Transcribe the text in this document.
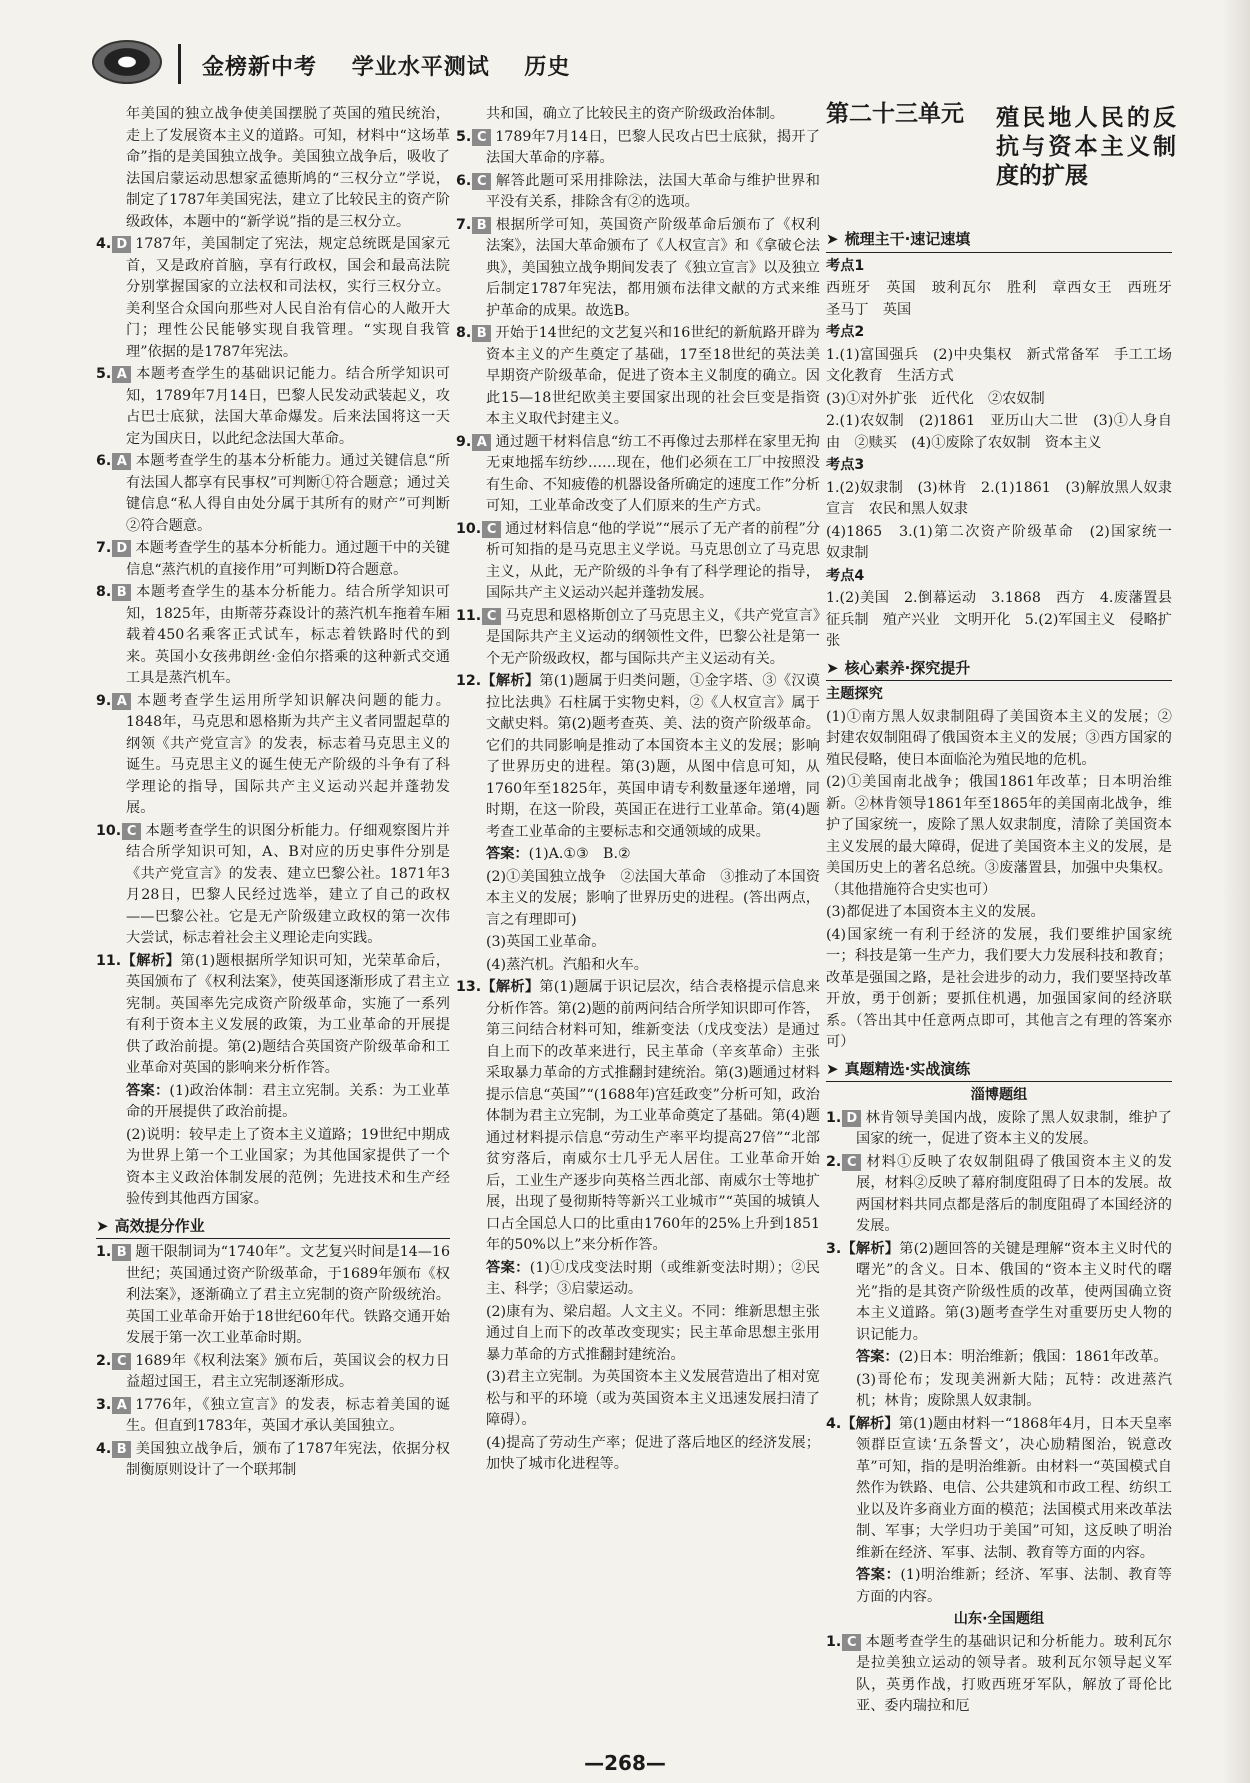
金榜新中考 学业水平测试 历史

年美国的独立战争使美国摆脱了英国的殖民统治，走上了发展资本主义的道路。可知，材料中“这场革命”指的是美国独立战争。美国独立战争后，吸收了法国启蒙运动思想家孟德斯鸠的“三权分立”学说，制定了1787年美国宪法，建立了比较民主的资产阶级政体，本题中的“新学说”指的是三权分立。

4. D 1787年，美国制定了宪法，规定总统既是国家元首，又是政府首脑，享有行政权，国会和最高法院分别掌握国家的立法权和司法权，实行三权分立。美利坚合众国向那些对人民自治有信心的人敞开大门；理性公民能够实现自我管理。“实现自我管理”依据的是1787年宪法。

5. A 本题考查学生的基础识记能力。结合所学知识可知，1789年7月14日，巴黎人民发动武装起义，攻占巴士底狱，法国大革命爆发。后来法国将这一天定为国庆日，以此纪念法国大革命。

6. A 本题考查学生的基本分析能力。通过关键信息“所有法国人都享有民事权”可判断①符合题意；通过关键信息“私人得自由处分属于其所有的财产”可判断②符合题意。

7. D 本题考查学生的基本分析能力。通过题干中的关键信息“蒸汽机的直接作用”可判断D符合题意。

8. B 本题考查学生的基本分析能力。结合所学知识可知，1825年，由斯蒂芬森设计的蒸汽机车拖着车厢载着450名乘客正式试车，标志着铁路时代的到来。英国小女孩弗朗丝·金伯尔搭乘的这种新式交通工具是蒸汽机车。

9. A 本题考查学生运用所学知识解决问题的能力。1848年，马克思和恩格斯为共产主义者同盟起草的纲领《共产党宣言》的发表，标志着马克思主义的诞生。马克思主义的诞生使无产阶级的斗争有了科学理论的指导，国际共产主义运动兴起并蓬勃发展。

10. C 本题考查学生的识图分析能力。仔细观察图片并结合所学知识可知，A、B对应的历史事件分别是《共产党宣言》的发表、建立巴黎公社。1871年3月28日，巴黎人民经过选举，建立了自己的政权——巴黎公社。它是无产阶级建立政权的第一次伟大尝试，标志着社会主义理论走向实践。

11.【解析】第(1)题根据所学知识可知，光荣革命后，英国颁布了《权利法案》，使英国逐渐形成了君主立宪制。英国率先完成资产阶级革命，实施了一系列有利于资本主义发展的政策，为工业革命的开展提供了政治前提。第(2)题结合英国资产阶级革命和工业革命对英国的影响来分析作答。

答案：(1)政治体制：君主立宪制。关系：为工业革命的开展提供了政治前提。

(2)说明：较早走上了资本主义道路；19世纪中期成为世界上第一个工业国家；为其他国家提供了一个资本主义政治体制发展的范例；先进技术和生产经验传到其他西方国家。

➤ 高效提分作业

1. B 题干限制词为“1740年”。文艺复兴时间是14—16世纪；英国通过资产阶级革命，于1689年颁布《权利法案》，逐渐确立了君主立宪制的资产阶级统治。英国工业革命开始于18世纪60年代。铁路交通开始发展于第一次工业革命时期。

2. C 1689年《权利法案》颁布后，英国议会的权力日益超过国王，君主立宪制逐渐形成。

3. A 1776年，《独立宣言》的发表，标志着美国的诞生。但直到1783年，英国才承认美国独立。

4. B 美国独立战争后，颁布了1787年宪法，依据分权制衡原则设计了一个联邦制

共和国，确立了比较民主的资产阶级政治体制。

5. C 1789年7月14日，巴黎人民攻占巴士底狱，揭开了法国大革命的序幕。

6. C 解答此题可采用排除法，法国大革命与维护世界和平没有关系，排除含有②的选项。

7. B 根据所学可知，英国资产阶级革命后颁布了《权利法案》，法国大革命颁布了《人权宣言》和《拿破仑法典》，美国独立战争期间发表了《独立宣言》以及独立后制定1787年宪法，都用颁布法律文献的方式来维护革命的成果。故选B。

8. B 开始于14世纪的文艺复兴和16世纪的新航路开辟为资本主义的产生奠定了基础，17至18世纪的英法美早期资产阶级革命，促进了资本主义制度的确立。因此15—18世纪欧美主要国家出现的社会巨变是指资本主义取代封建主义。

9. A 通过题干材料信息“纺工不再像过去那样在家里无拘无束地摇车纺纱……现在，他们必须在工厂中按照没有生命、不知疲倦的机器设备所确定的速度工作”分析可知，工业革命改变了人们原来的生产方式。

10. C 通过材料信息“他的学说”“展示了无产者的前程”分析可知指的是马克思主义学说。马克思创立了马克思主义，从此，无产阶级的斗争有了科学理论的指导，国际共产主义运动兴起并蓬勃发展。

11. C 马克思和恩格斯创立了马克思主义，《共产党宣言》是国际共产主义运动的纲领性文件，巴黎公社是第一个无产阶级政权，都与国际共产主义运动有关。

12.【解析】第(1)题属于归类问题，①金字塔、③《汉谟拉比法典》石柱属于实物史料，②《人权宣言》属于文献史料。第(2)题考查英、美、法的资产阶级革命。它们的共同影响是推动了本国资本主义的发展；影响了世界历史的进程。第(3)题，从图中信息可知，从1760年至1825年，英国申请专利数量逐年递增，同时期，在这一阶段，英国正在进行工业革命。第(4)题考查工业革命的主要标志和交通领域的成果。

答案：(1)A.①③　B.②

(2)①美国独立战争　②法国大革命　③推动了本国资本主义的发展；影响了世界历史的进程。(答出两点，言之有理即可)

(3)英国工业革命。

(4)蒸汽机。汽船和火车。

13.【解析】第(1)题属于识记层次，结合表格提示信息来分析作答。第(2)题的前两问结合所学知识即可作答，第三问结合材料可知，维新变法（戊戌变法）是通过自上而下的改革来进行，民主革命（辛亥革命）主张采取暴力革命的方式推翻封建统治。第(3)题通过材料提示信息“英国”“(1688年)宫廷政变”分析可知，政治体制为君主立宪制，为工业革命奠定了基础。第(4)题通过材料提示信息“劳动生产率平均提高27倍”“北部贫穷落后，南威尔士几乎无人居住。工业革命开始后，工业生产逐步向英格兰西北部、南威尔士等地扩展，出现了曼彻斯特等新兴工业城市”“英国的城镇人口占全国总人口的比重由1760年的25%上升到1851年的50%以上”来分析作答。

答案：(1)①戊戌变法时期（或维新变法时期）；②民主、科学；③启蒙运动。

(2)康有为、梁启超。人文主义。不同：维新思想主张通过自上而下的改革改变现实；民主革命思想主张用暴力革命的方式推翻封建统治。

(3)君主立宪制。为英国资本主义发展营造出了相对宽松与和平的环境（或为英国资本主义迅速发展扫清了障碍）。

(4)提高了劳动生产率；促进了落后地区的经济发展；加快了城市化进程等。

第二十三单元 殖民地人民的反抗与资本主义制度的扩展
➤ 梳理主干·速记速填

考点1

西班牙　英国　玻利瓦尔　胜利　章西女王　西班牙　圣马丁　英国

考点2

1.(1)富国强兵　(2)中央集权　新式常备军　手工工场　文化教育　生活方式

(3)①对外扩张　近代化　②农奴制

2.(1)农奴制　(2)1861　亚历山大二世　(3)①人身自由　②赎买　(4)①废除了农奴制　资本主义

考点3

1.(2)奴隶制　(3)林肯　2.(1)1861　(3)解放黑人奴隶宣言　农民和黑人奴隶

(4)1865　3.(1)第二次资产阶级革命　(2)国家统一　奴隶制

考点4

1.(2)美国　2.倒幕运动　3.1868　西方　4.废藩置县　征兵制　殖产兴业　文明开化　5.(2)军国主义　侵略扩张

➤ 核心素养·探究提升

主题探究

(1)①南方黑人奴隶制阻碍了美国资本主义的发展；②封建农奴制阻碍了俄国资本主义的发展；③西方国家的殖民侵略，使日本面临沦为殖民地的危机。

(2)①美国南北战争；俄国1861年改革；日本明治维新。②林肯领导1861年至1865年的美国南北战争，维护了国家统一，废除了黑人奴隶制度，清除了美国资本主义发展的最大障碍，促进了美国资本主义的发展，是美国历史上的著名总统。③废藩置县，加强中央集权。（其他措施符合史实也可）

(3)都促进了本国资本主义的发展。

(4)国家统一有利于经济的发展，我们要维护国家统一；科技是第一生产力，我们要大力发展科技和教育；改革是强国之路，是社会进步的动力，我们要坚持改革开放，勇于创新；要抓住机遇，加强国家间的经济联系。（答出其中任意两点即可，其他言之有理的答案亦可）

➤ 真题精选·实战演练

淄博题组

1. D 林肯领导美国内战，废除了黑人奴隶制，维护了国家的统一，促进了资本主义的发展。

2. C 材料①反映了农奴制阻碍了俄国资本主义的发展，材料②反映了幕府制度阻碍了日本的发展。故两国材料共同点都是落后的制度阻碍了本国经济的发展。

3.【解析】第(2)题回答的关键是理解“资本主义时代的曙光”的含义。日本、俄国的“资本主义时代的曙光”指的是其资产阶级性质的改革，使两国确立资本主义道路。第(3)题考查学生对重要历史人物的识记能力。

答案：(2)日本：明治维新；俄国：1861年改革。

(3)哥伦布；发现美洲新大陆；瓦特：改进蒸汽机；林肯；废除黑人奴隶制。

4.【解析】第(1)题由材料一“1868年4月，日本天皇率领群臣宣读‘五条誓文’，决心励精图治，锐意改革”可知，指的是明治维新。由材料一“英国模式自然作为铁路、电信、公共建筑和市政工程、纺织工业以及许多商业方面的模范；法国模式用来改革法制、军事；大学归功于美国”可知，这反映了明治维新在经济、军事、法制、教育等方面的内容。

答案：(1)明治维新；经济、军事、法制、教育等方面的内容。

山东·全国题组

1. C 本题考查学生的基础识记和分析能力。玻利瓦尔是拉美独立运动的领导者。玻利瓦尔领导起义军队，英勇作战，打败西班牙军队，解放了哥伦比亚、委内瑞拉和厄

—268—
